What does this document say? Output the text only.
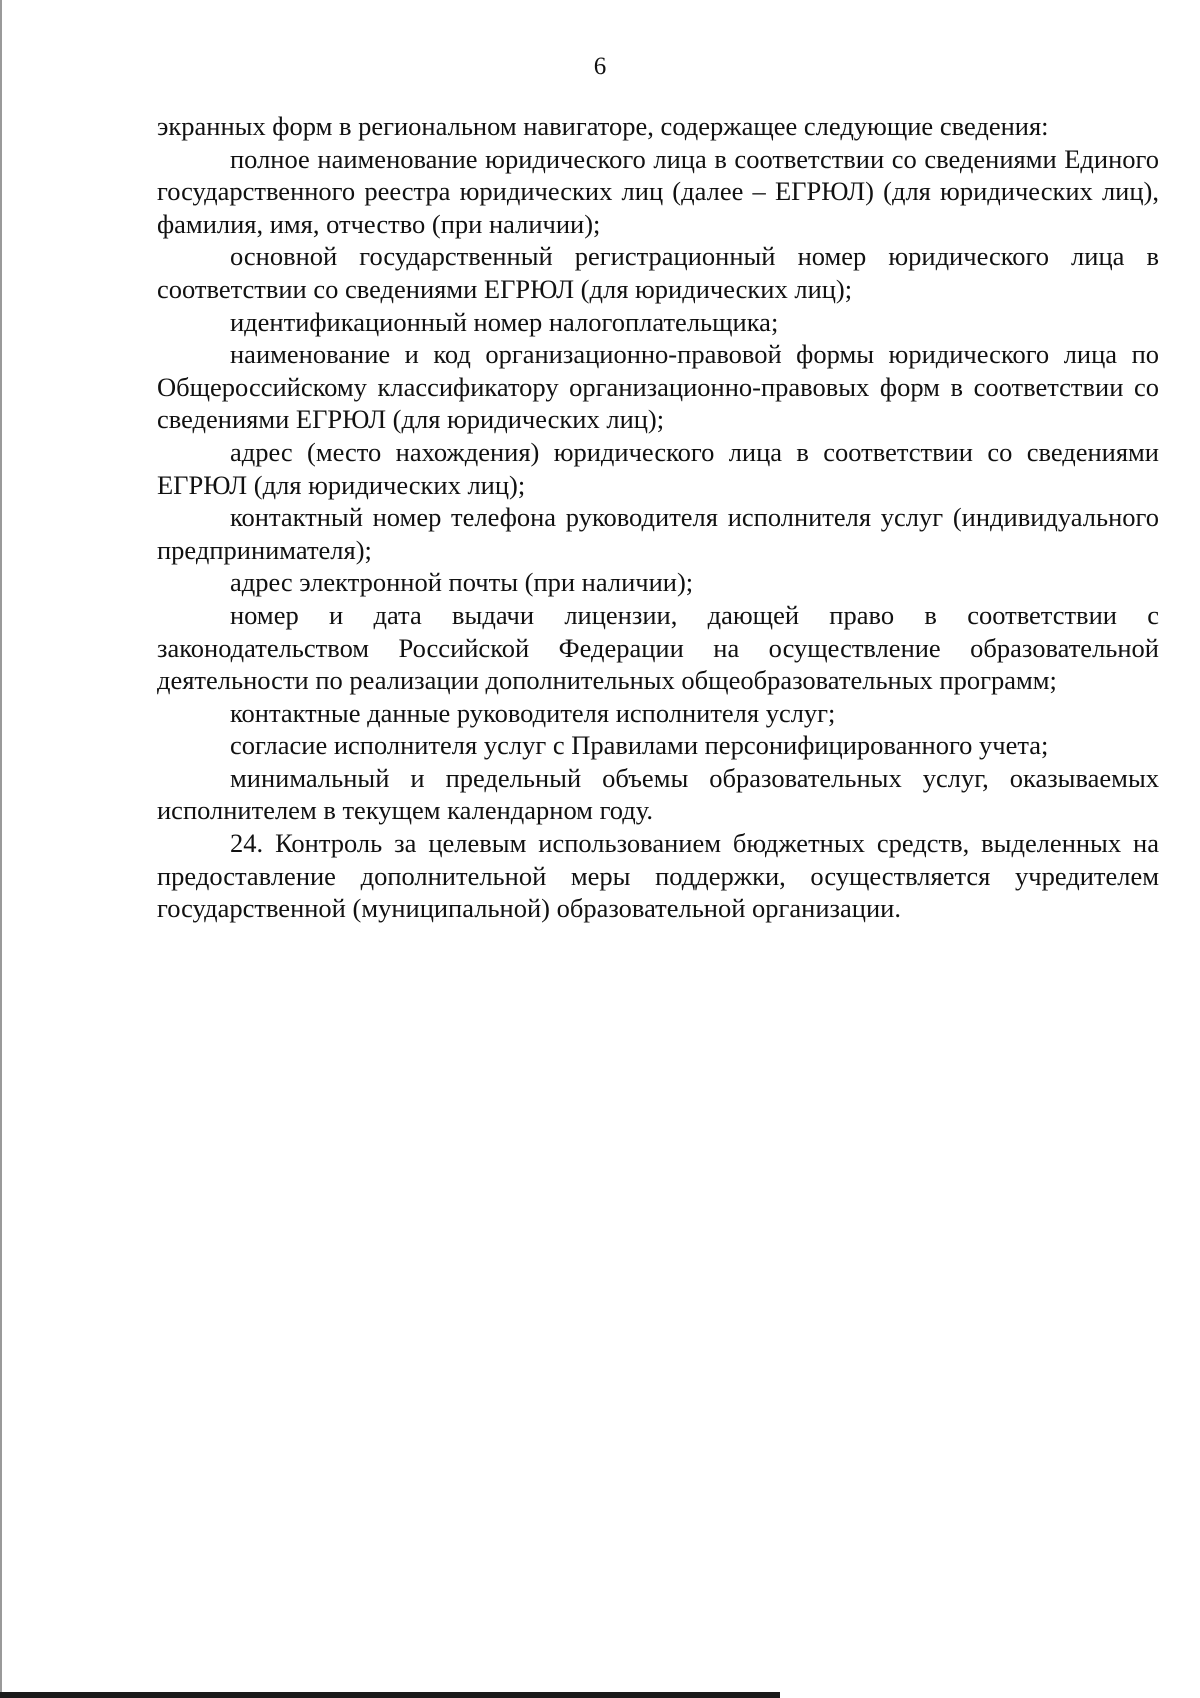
6

экранных форм в региональном навигаторе, содержащее следующие сведения:

полное наименование юридического лица в соответствии со сведениями Единого государственного реестра юридических лиц (далее – ЕГРЮЛ) (для юридических лиц), фамилия, имя, отчество (при наличии);

основной государственный регистрационный номер юридического лица в соответствии со сведениями ЕГРЮЛ (для юридических лиц);

идентификационный номер налогоплательщика;

наименование и код организационно-правовой формы юридического лица по Общероссийскому классификатору организационно-правовых форм в соответствии со сведениями ЕГРЮЛ (для юридических лиц);

адрес (место нахождения) юридического лица в соответствии со сведениями ЕГРЮЛ (для юридических лиц);

контактный номер телефона руководителя исполнителя услуг (индивидуального предпринимателя);

адрес электронной почты (при наличии);

номер и дата выдачи лицензии, дающей право в соответствии с законодательством Российской Федерации на осуществление образовательной деятельности по реализации дополнительных общеобразовательных программ;

контактные данные руководителя исполнителя услуг;

согласие исполнителя услуг с Правилами персонифицированного учета;

минимальный и предельный объемы образовательных услуг, оказываемых исполнителем в текущем календарном году.

24. Контроль за целевым использованием бюджетных средств, выделенных на предоставление дополнительной меры поддержки, осуществляется учредителем государственной (муниципальной) образовательной организации.
